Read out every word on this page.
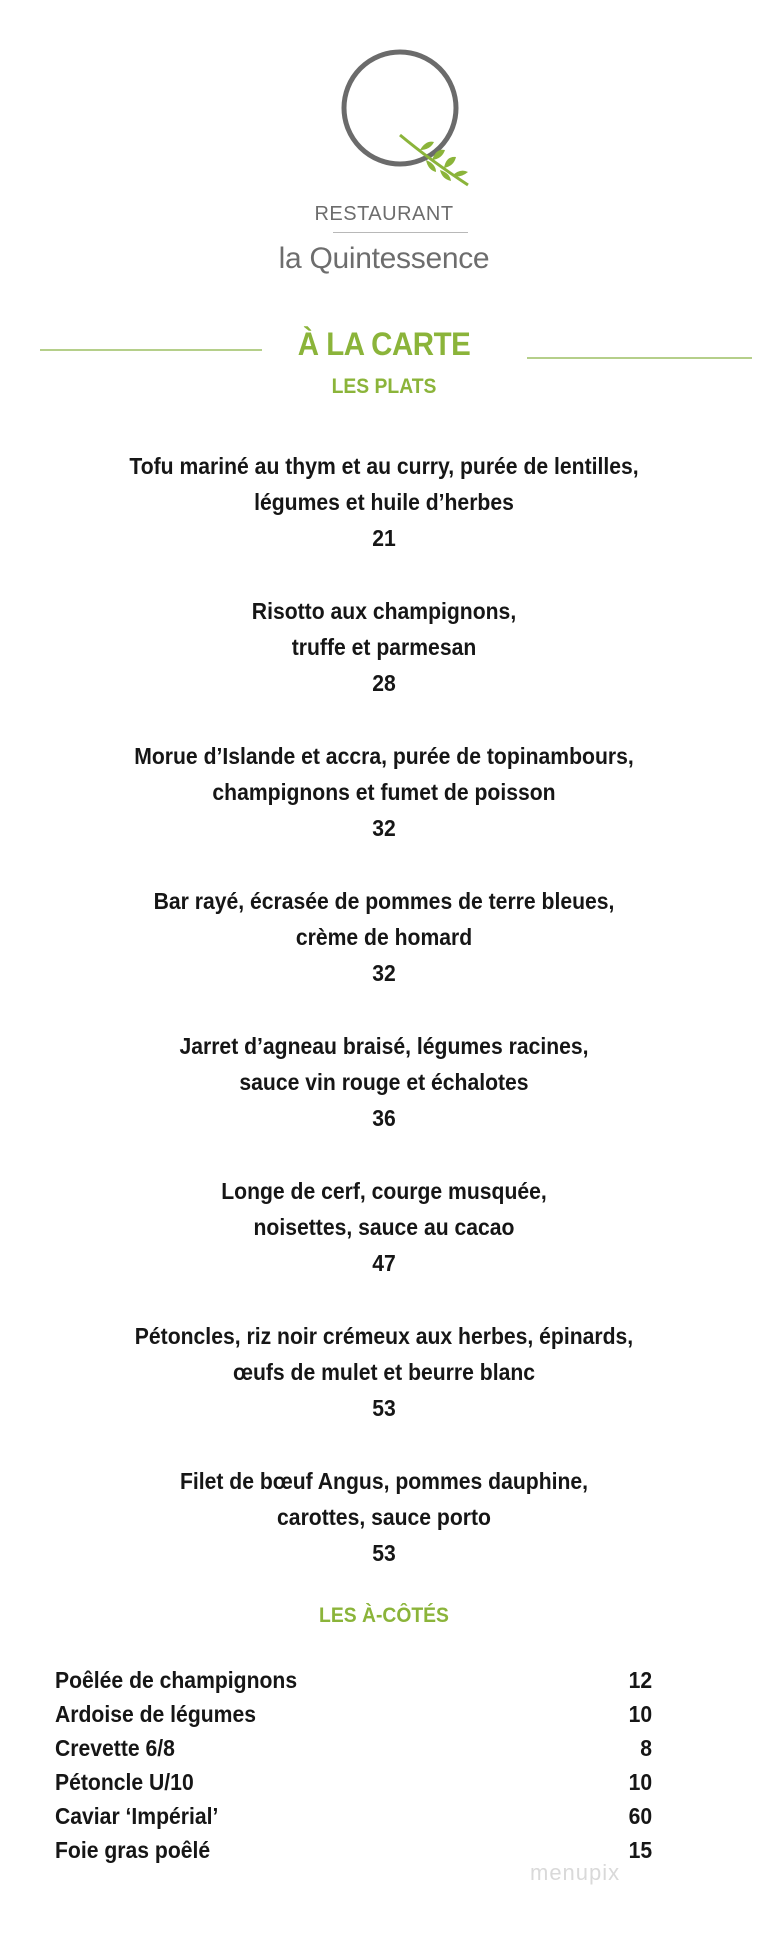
RESTAURANT
la Quintessence
À LA CARTE
LES PLATS
Tofu mariné au thym et au curry, purée de lentilles,
légumes et huile d’herbes
21
Risotto aux champignons,
truffe et parmesan
28
Morue d’Islande et accra, purée de topinambours,
champignons et fumet de poisson
32
Bar rayé, écrasée de pommes de terre bleues,
crème de homard
32
Jarret d’agneau braisé, légumes racines,
sauce vin rouge et échalotes
36
Longe de cerf, courge musquée,
noisettes, sauce au cacao
47
Pétoncles, riz noir crémeux aux herbes, épinards,
œufs de mulet et beurre blanc
53
Filet de bœuf Angus, pommes dauphine,
carottes, sauce porto
53
LES À-CÔTÉS
Poêlée de champignons	12
Ardoise de légumes	10
Crevette 6/8	8
Pétoncle U/10	10
Caviar ‘Impérial’	60
Foie gras poêlé	15
menupix
